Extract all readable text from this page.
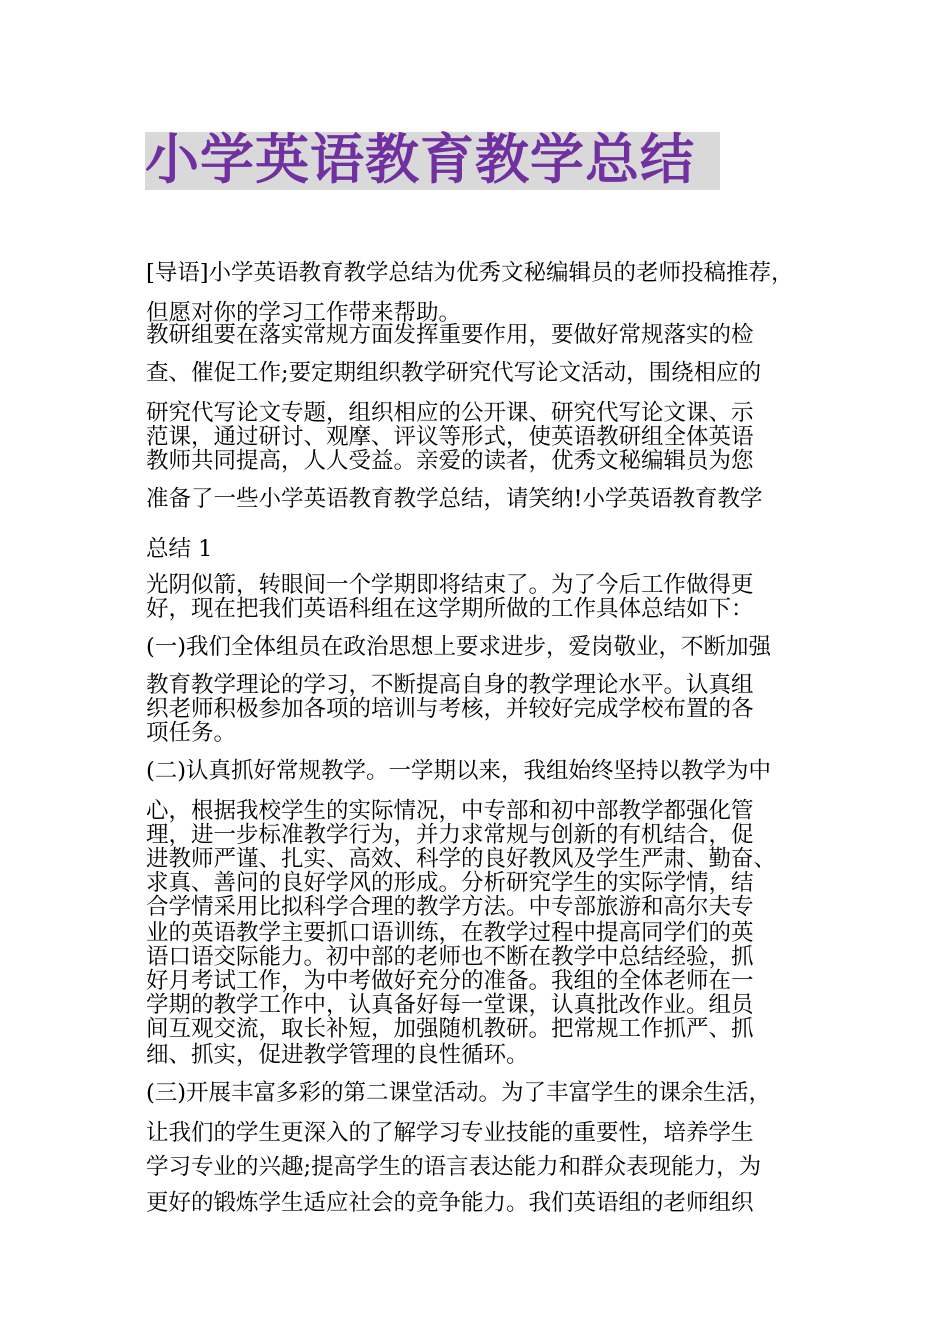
小学英语教育教学总结
[导语]小学英语教育教学总结为优秀文秘编辑员的老师投稿推荐，
但愿对你的学习工作带来帮助。
教研组要在落实常规方面发挥重要作用，要做好常规落实的检
查、催促工作;要定期组织教学研究代写论文活动，围绕相应的
研究代写论文专题，组织相应的公开课、研究代写论文课、示
范课，通过研讨、观摩、评议等形式，使英语教研组全体英语
教师共同提高，人人受益。亲爱的读者，优秀文秘编辑员为您
准备了一些小学英语教育教学总结，请笑纳!小学英语教育教学
总结 1
光阴似箭，转眼间一个学期即将结束了。为了今后工作做得更
好，现在把我们英语科组在这学期所做的工作具体总结如下：
(一)我们全体组员在政治思想上要求进步，爱岗敬业，不断加强
教育教学理论的学习，不断提高自身的教学理论水平。认真组
织老师积极参加各项的培训与考核，并较好完成学校布置的各
项任务。
(二)认真抓好常规教学。一学期以来，我组始终坚持以教学为中
心，根据我校学生的实际情况，中专部和初中部教学都强化管
理，进一步标准教学行为，并力求常规与创新的有机结合，促
进教师严谨、扎实、高效、科学的良好教风及学生严肃、勤奋、
求真、善问的良好学风的形成。分析研究学生的实际学情，结
合学情采用比拟科学合理的教学方法。中专部旅游和高尔夫专
业的英语教学主要抓口语训练，在教学过程中提高同学们的英
语口语交际能力。初中部的老师也不断在教学中总结经验，抓
好月考试工作，为中考做好充分的准备。我组的全体老师在一
学期的教学工作中，认真备好每一堂课，认真批改作业。组员
间互观交流，取长补短，加强随机教研。把常规工作抓严、抓
细、抓实，促进教学管理的良性循环。
(三)开展丰富多彩的第二课堂活动。为了丰富学生的课余生活，
让我们的学生更深入的了解学习专业技能的重要性，培养学生
学习专业的兴趣;提高学生的语言表达能力和群众表现能力，为
更好的锻炼学生适应社会的竞争能力。我们英语组的老师组织
